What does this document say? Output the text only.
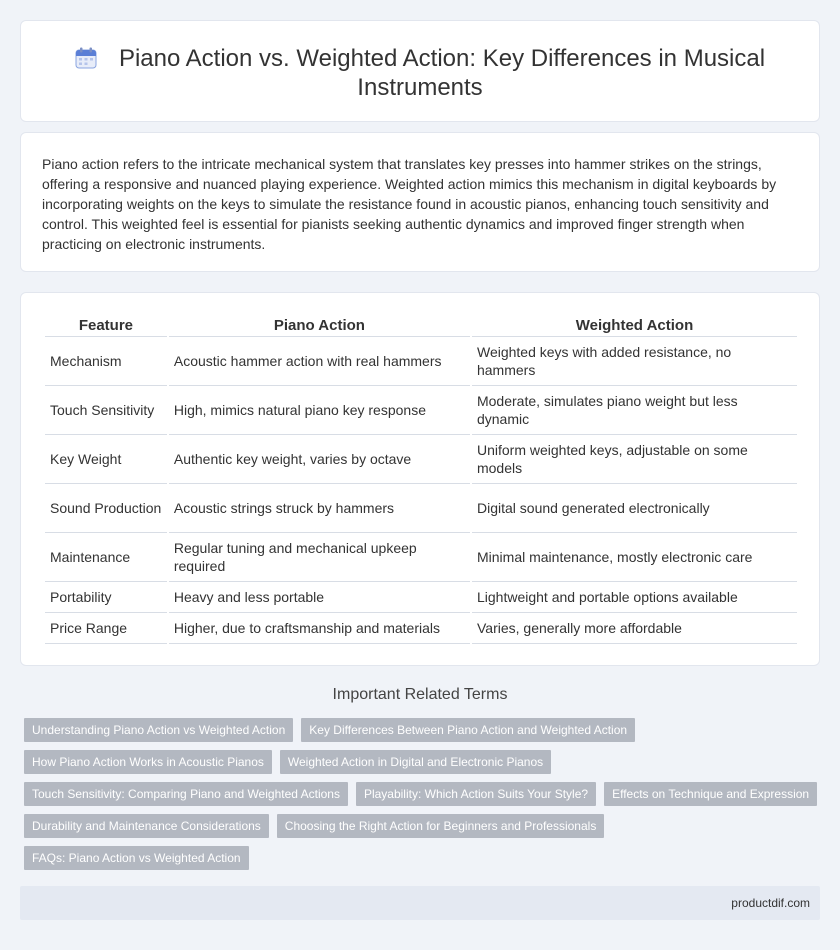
Piano Action vs. Weighted Action: Key Differences in Musical Instruments

Piano action refers to the intricate mechanical system that translates key presses into hammer strikes on the strings, offering a responsive and nuanced playing experience. Weighted action mimics this mechanism in digital keyboards by incorporating weights on the keys to simulate the resistance found in acoustic pianos, enhancing touch sensitivity and control. This weighted feel is essential for pianists seeking authentic dynamics and improved finger strength when practicing on electronic instruments.

Feature	Piano Action	Weighted Action
Mechanism	Acoustic hammer action with real hammers	Weighted keys with added resistance, no hammers
Touch Sensitivity	High, mimics natural piano key response	Moderate, simulates piano weight but less dynamic
Key Weight	Authentic key weight, varies by octave	Uniform weighted keys, adjustable on some models
Sound Production	Acoustic strings struck by hammers	Digital sound generated electronically
Maintenance	Regular tuning and mechanical upkeep required	Minimal maintenance, mostly electronic care
Portability	Heavy and less portable	Lightweight and portable options available
Price Range	Higher, due to craftsmanship and materials	Varies, generally more affordable
Important Related Terms
Understanding Piano Action vs Weighted Action	Key Differences Between Piano Action and Weighted Action
How Piano Action Works in Acoustic Pianos	Weighted Action in Digital and Electronic Pianos
Touch Sensitivity: Comparing Piano and Weighted Actions	Playability: Which Action Suits Your Style?	Effects on Technique and Expression
Durability and Maintenance Considerations	Choosing the Right Action for Beginners and Professionals
FAQs: Piano Action vs Weighted Action
productdif.com
